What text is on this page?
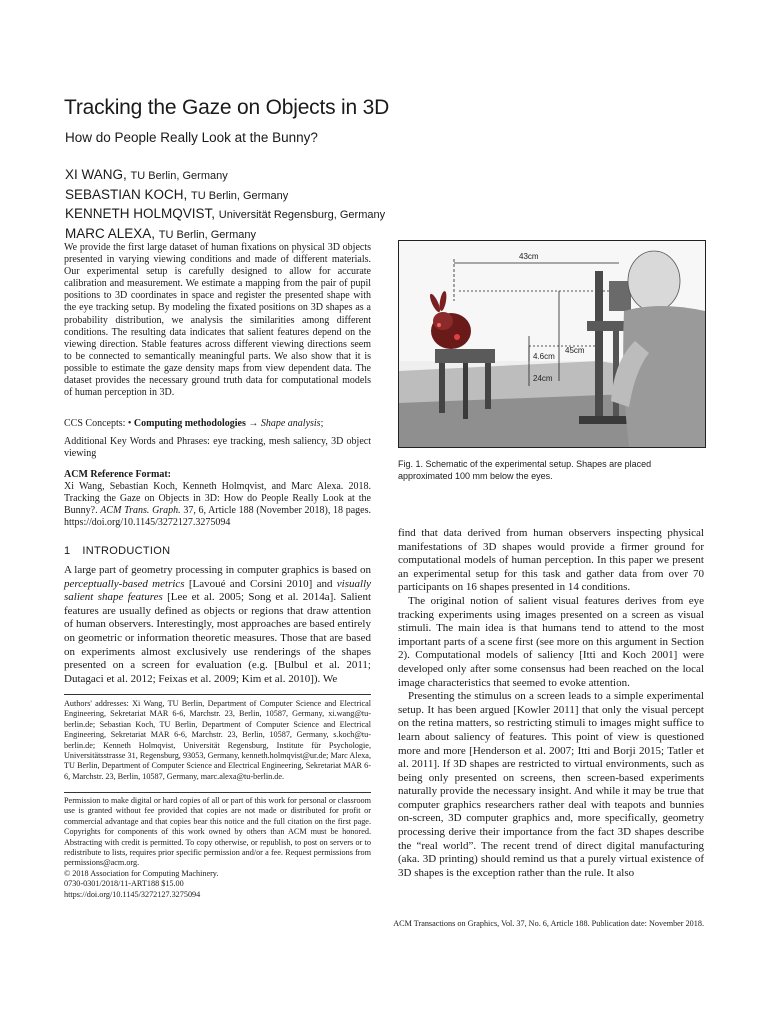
Tracking the Gaze on Objects in 3D
How do People Really Look at the Bunny?
XI WANG, TU Berlin, Germany
SEBASTIAN KOCH, TU Berlin, Germany
KENNETH HOLMQVIST, Universität Regensburg, Germany
MARC ALEXA, TU Berlin, Germany

We provide the first large dataset of human fixations on physical 3D objects presented in varying viewing conditions and made of different materials. Our experimental setup is carefully designed to allow for accurate calibration and measurement. We estimate a mapping from the pair of pupil positions to 3D coordinates in space and register the presented shape with the eye tracking setup. By modeling the fixated positions on 3D shapes as a probability distribution, we analysis the similarities among different conditions. The resulting data indicates that salient features depend on the viewing direction. Stable features across different viewing directions seem to be connected to semantically meaningful parts. We also show that it is possible to estimate the gaze density maps from view dependent data. The dataset provides the necessary ground truth data for computational models of human perception in 3D.

CCS Concepts: • Computing methodologies → Shape analysis;

Additional Key Words and Phrases: eye tracking, mesh saliency, 3D object viewing

ACM Reference Format:

Xi Wang, Sebastian Koch, Kenneth Holmqvist, and Marc Alexa. 2018. Tracking the Gaze on Objects in 3D: How do People Really Look at the Bunny?. ACM Trans. Graph. 37, 6, Article 188 (November 2018), 18 pages. https://doi.org/10.1145/3272127.3275094

1 INTRODUCTION

A large part of geometry processing in computer graphics is based on perceptually-based metrics [Lavoué and Corsini 2010] and visually salient shape features [Lee et al. 2005; Song et al. 2014a]. Salient features are usually defined as objects or regions that draw attention of human observers. Interestingly, most approaches are based entirely on geometric or information theoretic measures. Those that are based on experiments almost exclusively use renderings of the shapes presented on a screen for evaluation (e.g. [Bulbul et al. 2011; Dutagaci et al. 2012; Feixas et al. 2009; Kim et al. 2010]). We

Authors' addresses: Xi Wang, TU Berlin, Department of Computer Science and Electrical Engineering, Sekretariat MAR 6-6, Marchstr. 23, Berlin, 10587, Germany, xi.wang@tu-berlin.de; Sebastian Koch, TU Berlin, Department of Computer Science and Electrical Engineering, Sekretariat MAR 6-6, Marchstr. 23, Berlin, 10587, Germany, s.koch@tu-berlin.de; Kenneth Holmqvist, Universität Regensburg, Institute für Psychologie, Universitätsstrasse 31, Regensburg, 93053, Germany, kenneth.holmqvist@ur.de; Marc Alexa, TU Berlin, Department of Computer Science and Electrical Engineering, Sekretariat MAR 6-6, Marchstr. 23, Berlin, 10587, Germany, marc.alexa@tu-berlin.de.

Permission to make digital or hard copies of all or part of this work for personal or classroom use is granted without fee provided that copies are not made or distributed for profit or commercial advantage and that copies bear this notice and the full citation on the first page. Copyrights for components of this work owned by others than ACM must be honored. Abstracting with credit is permitted. To copy otherwise, or republish, to post on servers or to redistribute to lists, requires prior specific permission and/or a fee. Request permissions from permissions@acm.org.

© 2018 Association for Computing Machinery.

0730-0301/2018/11-ART188 $15.00

https://doi.org/10.1145/3272127.3275094

43cm
4.6cm
45cm
24cm

Fig. 1. Schematic of the experimental setup. Shapes are placed approximated 100 mm below the eyes.

find that data derived from human observers inspecting physical manifestations of 3D shapes would provide a firmer ground for computational models of human perception. In this paper we present an experimental setup for this task and gather data from over 70 participants on 16 shapes presented in 14 conditions.

The original notion of salient visual features derives from eye tracking experiments using images presented on a screen as visual stimuli. The main idea is that humans tend to attend to the most important parts of a scene first (see more on this argument in Section 2). Computational models of saliency [Itti and Koch 2001] were developed only after some consensus had been reached on the local image characteristics that seemed to evoke attention.

Presenting the stimulus on a screen leads to a simple experimental setup. It has been argued [Kowler 2011] that only the visual percept on the retina matters, so restricting stimuli to images might suffice to learn about saliency of features. This point of view is questioned more and more [Henderson et al. 2007; Itti and Borji 2015; Tatler et al. 2011]. If 3D shapes are restricted to virtual environments, such as being only presented on screens, then screen-based experiments naturally provide the necessary insight. And while it may be true that computer graphics researchers rather deal with teapots and bunnies on-screen, 3D computer graphics and, more specifically, geometry processing derive their importance from the fact 3D shapes describe the “real world”. The recent trend of direct digital manufacturing (aka. 3D printing) should remind us that a purely virtual existence of 3D shapes is the exception rather than the rule. It also

ACM Transactions on Graphics, Vol. 37, No. 6, Article 188. Publication date: November 2018.
